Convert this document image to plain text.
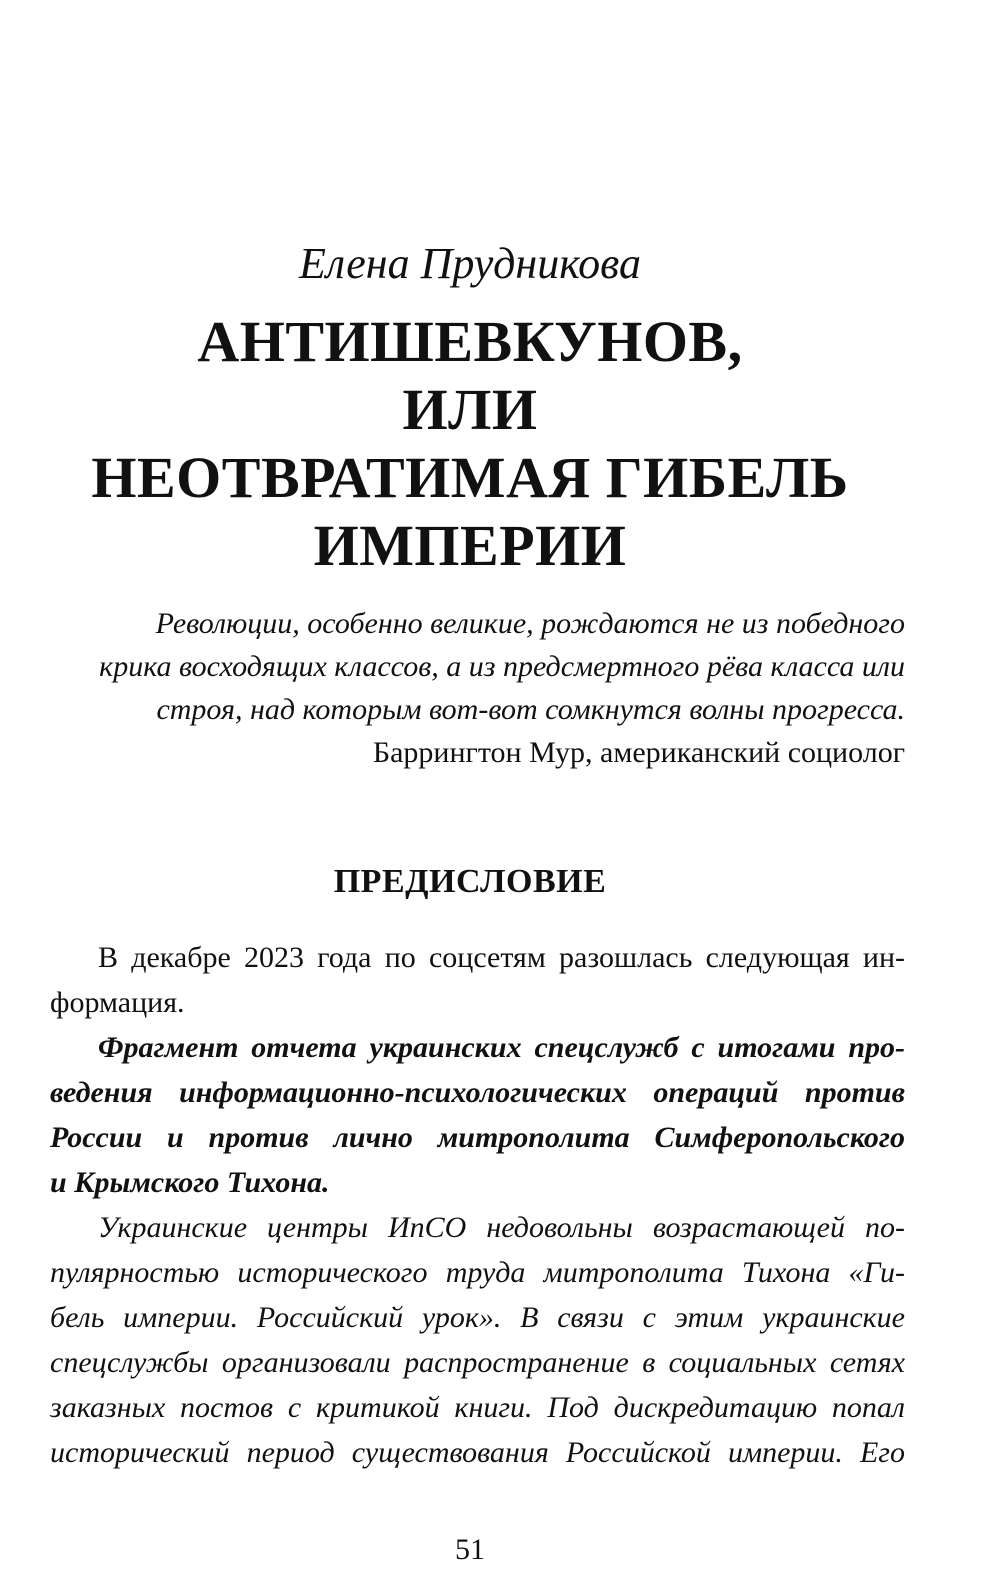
Елена Прудникова
АНТИШЕВКУНОВ,
ИЛИ
НЕОТВРАТИМАЯ ГИБЕЛЬ
ИМПЕРИИ
Революции, особенно великие, рождаются не из победного
крика восходящих классов, а из предсмертного рёва класса или
строя, над которым вот-вот сомкнутся волны прогресса.
Баррингтон Мур, американский социолог
ПРЕДИСЛОВИЕ
В декабре 2023 года по соцсетям разошлась следующая ин-
формация.
Фрагмент отчета украинских спецслужб с итогами про-
ведения информационно-психологических операций против
России и против лично митрополита Симферопольского
и Крымского Тихона.
Украинские центры ИпСО недовольны возрастающей по-
пулярностью исторического труда митрополита Тихона «Ги-
бель империи. Российский урок». В связи с этим украинские
спецслужбы организовали распространение в социальных сетях
заказных постов с критикой книги. Под дискредитацию попал
исторический период существования Российской империи. Его
51
